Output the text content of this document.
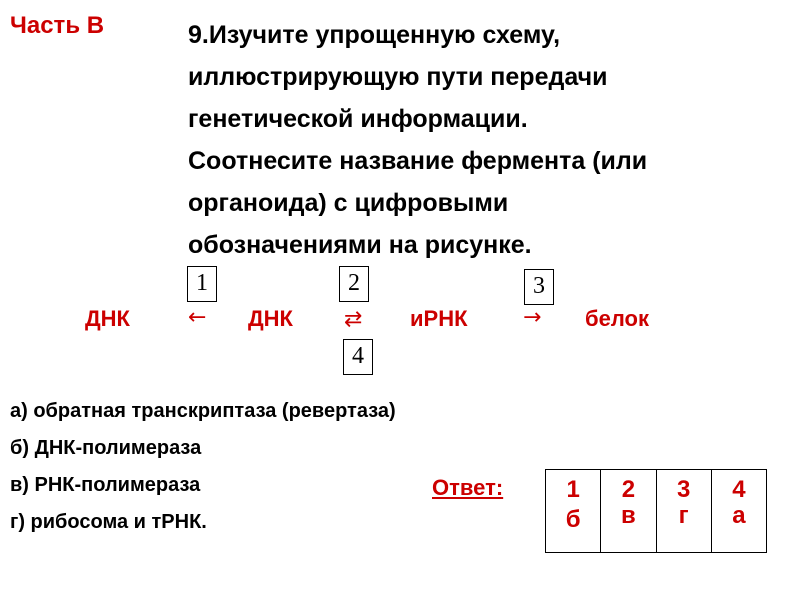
Часть В	9.Изучите упрощенную схему,

иллюстрирующую пути передачи

генетической информации.

Соотнесите название фермента (или

органоида) с цифровыми

обозначениями на рисунке.

1	2	3
4
ДНК	← ДНК ⇄ иРНК	→ белок

а) обратная транскриптаза (ревертаза)

б) ДНК-полимераза

в) РНК-полимераза

г) рибосома и тРНК.

Ответ:	1
б

2
в

3
г

4
а
